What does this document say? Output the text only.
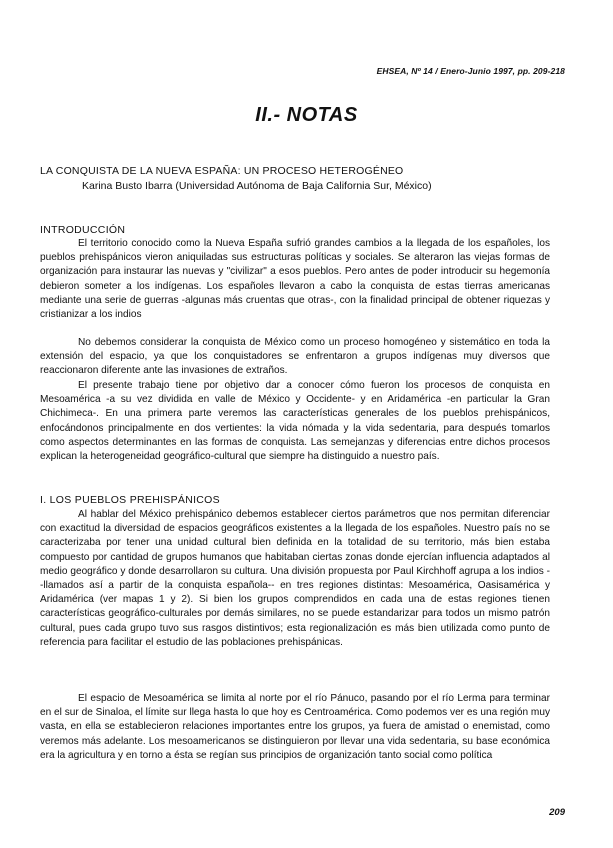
EHSEA, Nº 14 / Enero-Junio 1997, pp. 209-218
II.- NOTAS
LA CONQUISTA DE LA NUEVA ESPAÑA: UN PROCESO HETEROGÉNEO
Karina Busto Ibarra (Universidad Autónoma de Baja California Sur, México)
INTRODUCCIÓN

El territorio conocido como la Nueva España sufrió grandes cambios a la llegada de los españoles, los pueblos prehispánicos vieron aniquiladas sus estructuras políticas y sociales. Se alteraron las viejas formas de organización para instaurar las nuevas y "civilizar" a esos pueblos. Pero antes de poder introducir su hegemonía debieron someter a los indígenas. Los españoles llevaron a cabo la conquista de estas tierras americanas mediante una serie de guerras -algunas más cruentas que otras-, con la finalidad principal de obtener riquezas y cristianizar a los indios

No debemos considerar la conquista de México como un proceso homogéneo y sistemático en toda la extensión del espacio, ya que los conquistadores se enfrentaron a grupos indígenas muy diversos que reaccionaron diferente ante las invasiones de extraños.

El presente trabajo tiene por objetivo dar a conocer cómo fueron los procesos de conquista en Mesoamérica -a su vez dividida en valle de México y Occidente- y en Aridamérica -en particular la Gran Chichimeca-. En una primera parte veremos las características generales de los pueblos prehispánicos, enfocándonos principalmente en dos vertientes: la vida nómada y la vida sedentaria, para después tomarlos como aspectos determinantes en las formas de conquista. Las semejanzas y diferencias entre dichos procesos explican la heterogeneidad geográfico-cultural que siempre ha distinguido a nuestro país.

I. LOS PUEBLOS PREHISPÁNICOS

Al hablar del México prehispánico debemos establecer ciertos parámetros que nos permitan diferenciar con exactitud la diversidad de espacios geográficos existentes a la llegada de los españoles. Nuestro país no se caracterizaba por tener una unidad cultural bien definida en la totalidad de su territorio, más bien estaba compuesto por cantidad de grupos humanos que habitaban ciertas zonas donde ejercían influencia adaptados al medio geográfico y donde desarrollaron su cultura. Una división propuesta por Paul Kirchhoff agrupa a los indios --llamados así a partir de la conquista española-- en tres regiones distintas: Mesoamérica, Oasisamérica y Aridamérica (ver mapas 1 y 2). Si bien los grupos comprendidos en cada una de estas regiones tienen características geográfico-culturales por demás similares, no se puede estandarizar para todos un mismo patrón cultural, pues cada grupo tuvo sus rasgos distintivos; esta regionalización es más bien utilizada como punto de referencia para facilitar el estudio de las poblaciones prehispánicas.

El espacio de Mesoamérica se limita al norte por el río Pánuco, pasando por el río Lerma para terminar en el sur de Sinaloa, el límite sur llega hasta lo que hoy es Centroamérica. Como podemos ver es una región muy vasta, en ella se establecieron relaciones importantes entre los grupos, ya fuera de amistad o enemistad, como veremos más adelante. Los mesoamericanos se distinguieron por llevar una vida sedentaria, su base económica era la agricultura y en torno a ésta se regían sus principios de organización tanto social como política

209
